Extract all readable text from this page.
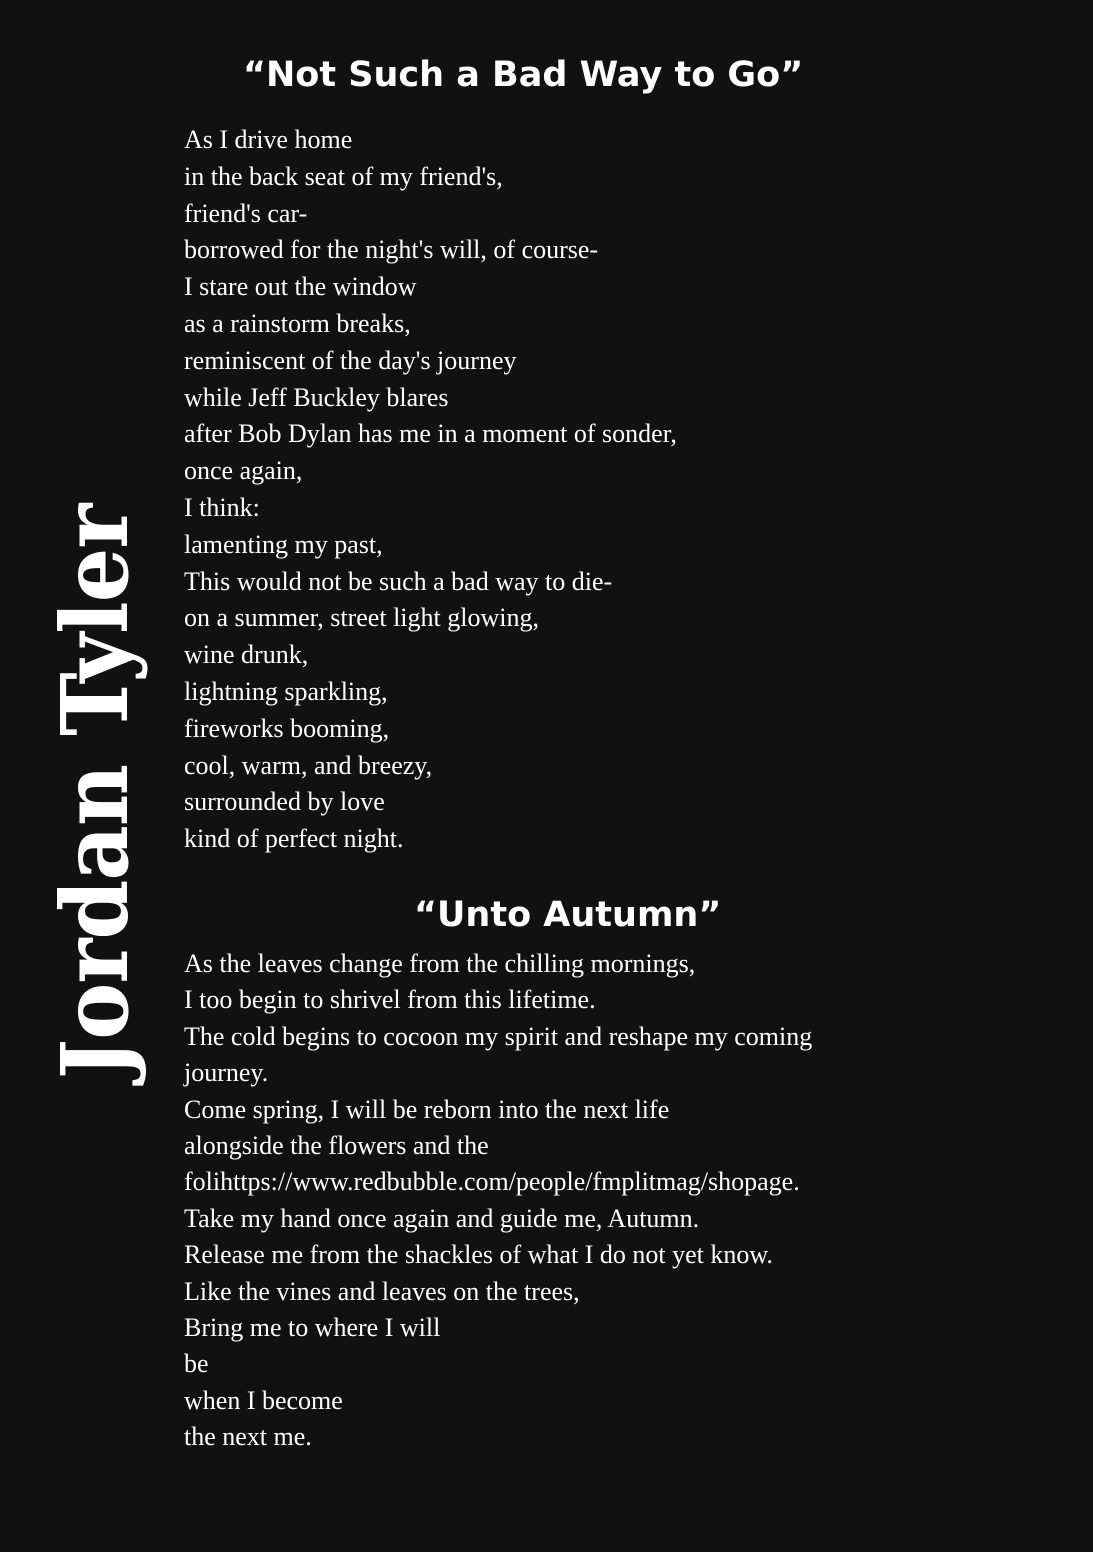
Jordan Tyler
“Not Such a Bad Way to Go”
As I drive home
in the back seat of my friend's,
friend's car-
borrowed for the night's will, of course-
I stare out the window
as a rainstorm breaks,
reminiscent of the day's journey
while Jeff Buckley blares
after Bob Dylan has me in a moment of sonder,
once again,
I think:
lamenting my past,
This would not be such a bad way to die-
on a summer, street light glowing,
wine drunk,
lightning sparkling,
fireworks booming,
cool, warm, and breezy,
surrounded by love
kind of perfect night.
“Unto Autumn”
As the leaves change from the chilling mornings,
I too begin to shrivel from this lifetime.
The cold begins to cocoon my spirit and reshape my coming
journey.
Come spring, I will be reborn into the next life
alongside the flowers and the
folihttps://www.redbubble.com/people/fmplitmag/shopage.
Take my hand once again and guide me, Autumn.
Release me from the shackles of what I do not yet know.
Like the vines and leaves on the trees,
Bring me to where I will
be
when I become
the next me.
